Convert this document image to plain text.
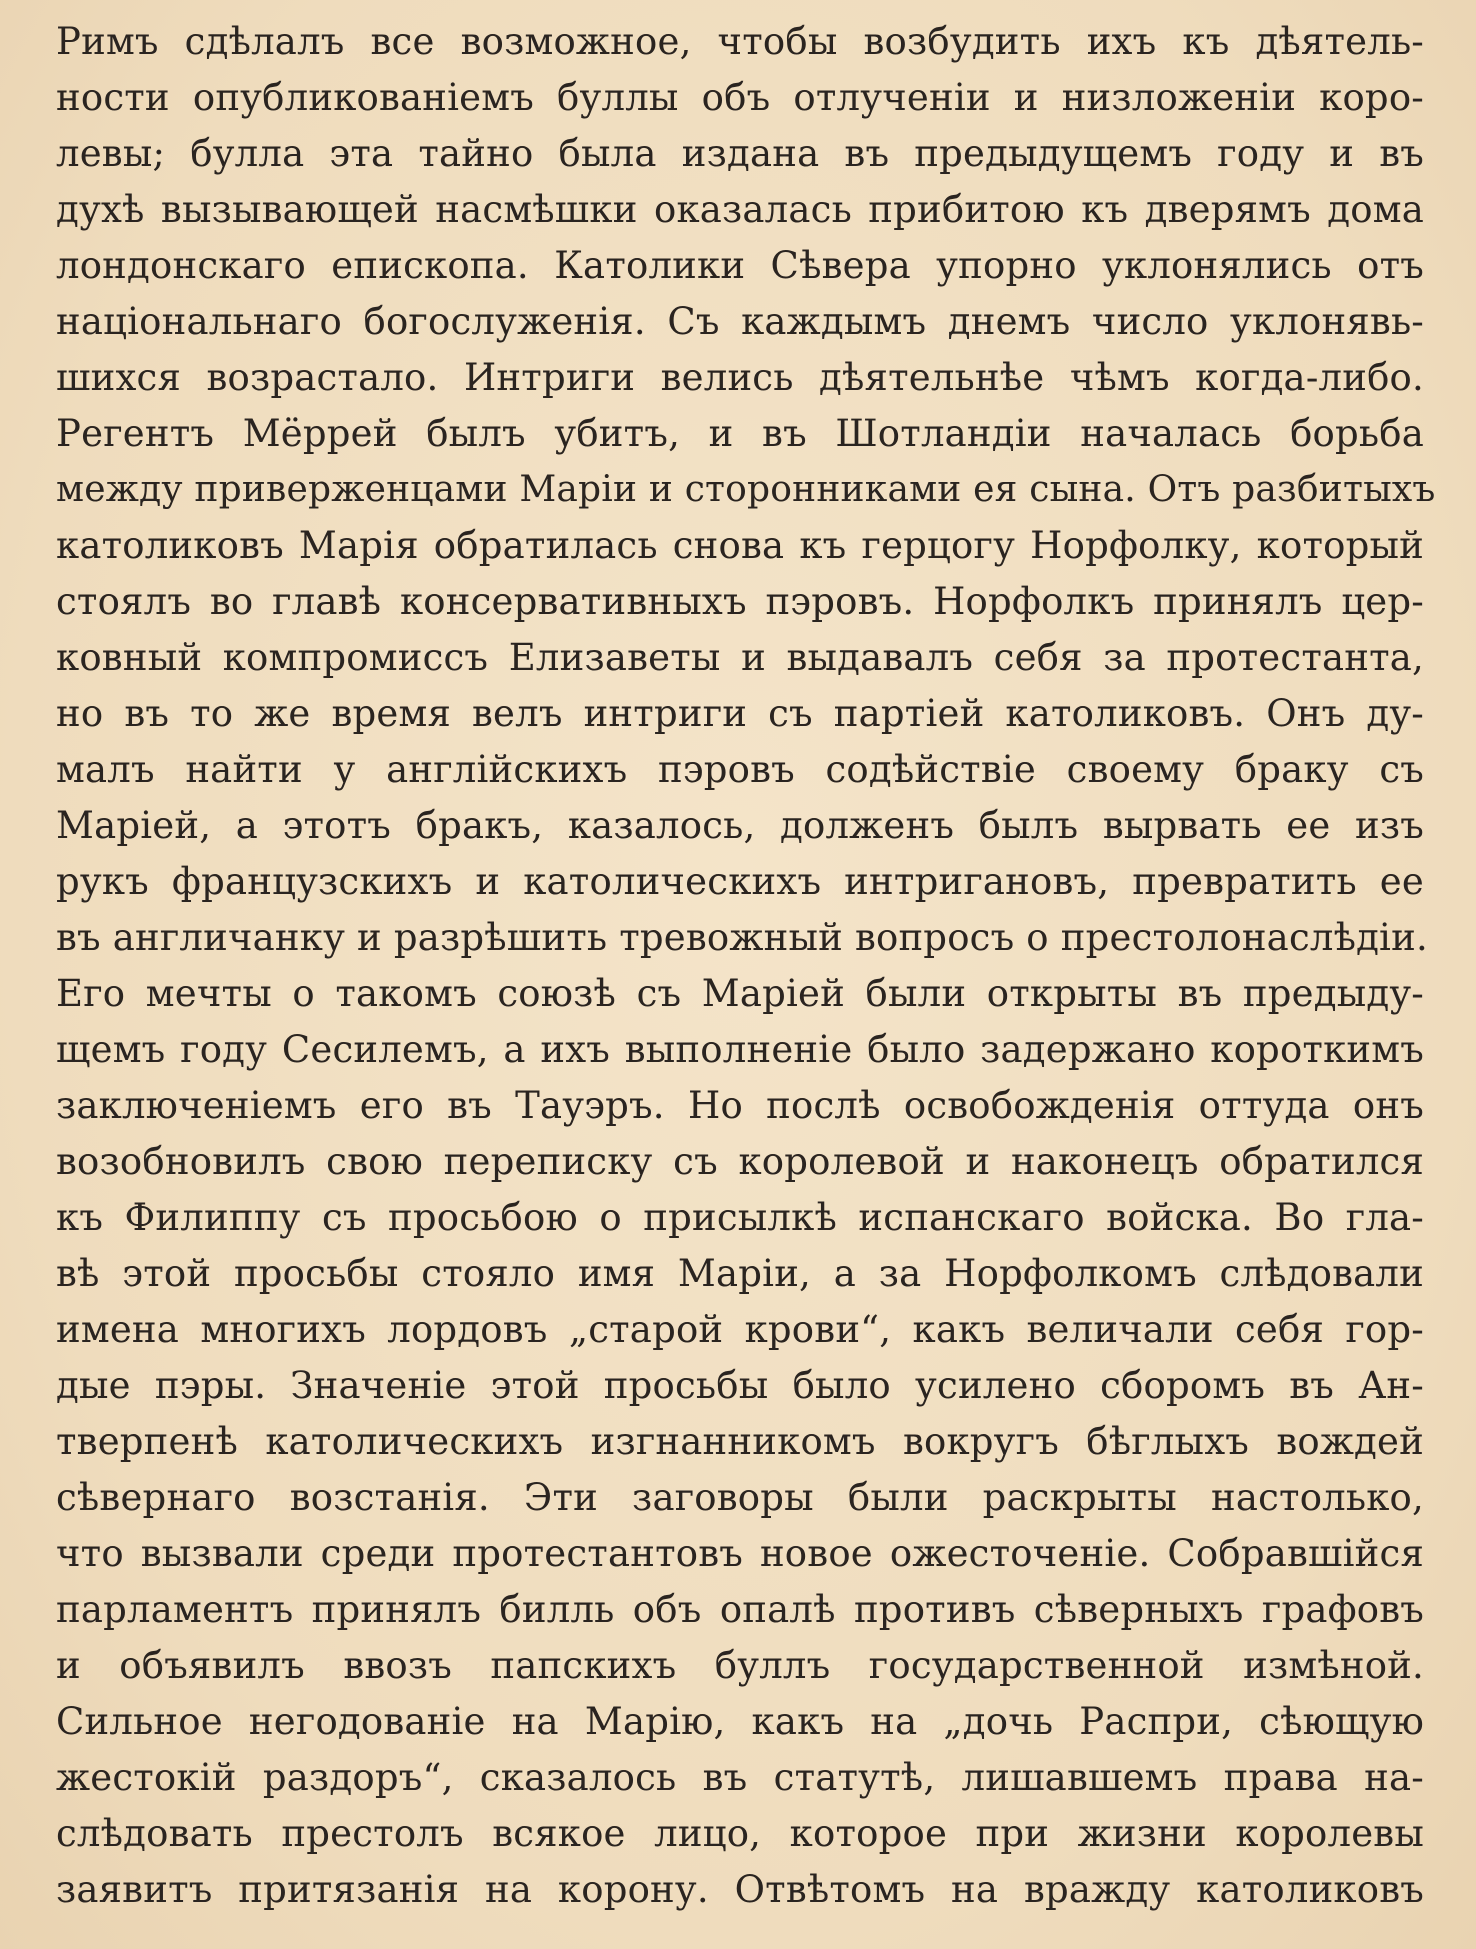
Римъ сдѣлалъ все возможное, чтобы возбудить ихъ къ дѣятель-
ности опубликованіемъ буллы объ отлученіи и низложеніи коро-
левы; булла эта тайно была издана въ предыдущемъ году и въ
духѣ вызывающей насмѣшки оказалась прибитою къ дверямъ дома
лондонскаго епископа. Католики Сѣвера упорно уклонялись отъ
національнаго богослуженія. Съ каждымъ днемъ число уклонявь-
шихся возрастало. Интриги велись дѣятельнѣе чѣмъ когда-либо.
Регентъ Мёррей былъ убитъ, и въ Шотландіи началась борьба
между приверженцами Маріи и сторонниками ея сына. Отъ разбитыхъ
католиковъ Марія обратилась снова къ герцогу Норфолку, который
стоялъ во главѣ консервативныхъ пэровъ. Норфолкъ принялъ цер-
ковный компромиссъ Елизаветы и выдавалъ себя за протестанта,
но въ то же время велъ интриги съ партіей католиковъ. Онъ ду-
малъ найти у англійскихъ пэровъ содѣйствіе своему браку съ
Маріей, а этотъ бракъ, казалось, долженъ былъ вырвать ее изъ
рукъ французскихъ и католическихъ интригановъ, превратить ее
въ англичанку и разрѣшить тревожный вопросъ о престолонаслѣдіи.
Его мечты о такомъ союзѣ съ Маріей были открыты въ предыду-
щемъ году Сесилемъ, а ихъ выполненіе было задержано короткимъ
заключеніемъ его въ Тауэръ. Но послѣ освобожденія оттуда онъ
возобновилъ свою переписку съ королевой и наконецъ обратился
къ Филиппу съ просьбою о присылкѣ испанскаго войска. Во гла-
вѣ этой просьбы стояло имя Маріи, а за Норфолкомъ слѣдовали
имена многихъ лордовъ „старой крови“, какъ величали себя гор-
дые пэры. Значеніе этой просьбы было усилено сборомъ въ Ан-
тверпенѣ католическихъ изгнанникомъ вокругъ бѣглыхъ вождей
сѣвернаго возстанія. Эти заговоры были раскрыты настолько,
что вызвали среди протестантовъ новое ожесточеніе. Собравшійся
парламентъ принялъ билль объ опалѣ противъ сѣверныхъ графовъ
и объявилъ ввозъ папскихъ буллъ государственной измѣной.
Сильное негодованіе на Марію, какъ на „дочь Распри, сѣющую
жестокій раздоръ“, сказалось въ статутѣ, лишавшемъ права на-
слѣдовать престолъ всякое лицо, которое при жизни королевы
заявитъ притязанія на корону. Отвѣтомъ на вражду католиковъ
